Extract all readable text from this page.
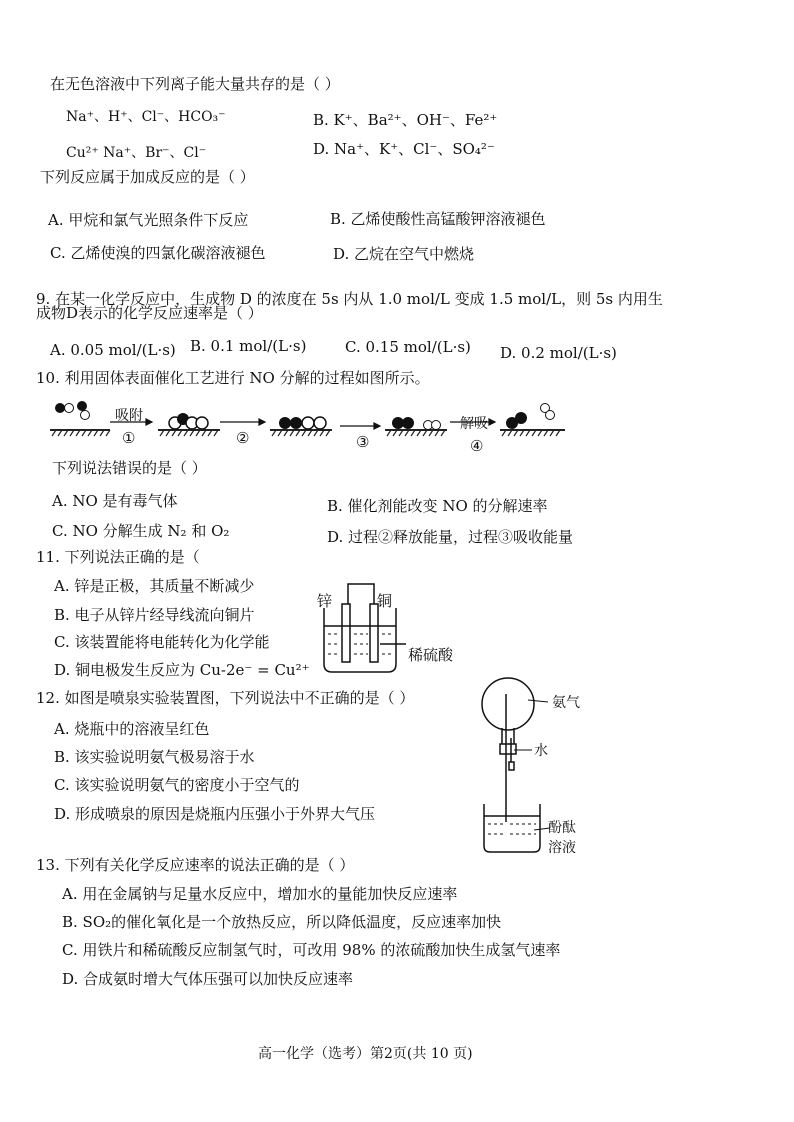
在无色溶液中下列离子能大量共存的是（ ）
Na⁺、H⁺、Cl⁻、HCO₃⁻	B. K⁺、Ba²⁺、OH⁻、Fe²⁺
Cu²⁺ Na⁺、Br⁻、Cl⁻	D. Na⁺、K⁺、Cl⁻、SO₄²⁻
下列反应属于加成反应的是（ ）
A. 甲烷和氯气光照条件下反应	B. 乙烯使酸性高锰酸钾溶液褪色
C. 乙烯使溴的四氯化碳溶液褪色	D. 乙烷在空气中燃烧
9. 在某一化学反应中，生成物 D 的浓度在 5s 内从 1.0 mol/L 变成 1.5 mol/L，则 5s 内用生
成物D表示的化学反应速率是（ ）
A. 0.05 mol/(L·s) B. 0.1 mol/(L·s)	C. 0.15 mol/(L·s) D. 0.2 mol/(L·s)
10. 利用固体表面催化工艺进行 NO 分解的过程如图所示。
吸附
①	②	③
解吸
④
下列说法错误的是（ ）
A. NO 是有毒气体	B. 催化剂能改变 NO 的分解速率
C. NO 分解生成 N₂ 和 O₂	D. 过程②释放能量，过程③吸收能量
11. 下列说法正确的是（
A. 锌是正极，其质量不断减少
B. 电子从锌片经导线流向铜片
C. 该装置能将电能转化为化学能
D. 铜电极发生反应为 Cu-2e⁻ = Cu²⁺
锌	铜
稀硫酸
12. 如图是喷泉实验装置图，下列说法中不正确的是（ ）
A. 烧瓶中的溶液呈红色
B. 该实验说明氨气极易溶于水
C. 该实验说明氨气的密度小于空气的
D. 形成喷泉的原因是烧瓶内压强小于外界大气压
氨气
水
酚酞
溶液
13. 下列有关化学反应速率的说法正确的是（ ）
A. 用在金属钠与足量水反应中，增加水的量能加快反应速率
B. SO₂的催化氧化是一个放热反应，所以降低温度，反应速率加快
C. 用铁片和稀硫酸反应制氢气时，可改用 98% 的浓硫酸加快生成氢气速率
D. 合成氨时增大气体压强可以加快反应速率
高一化学（选考）第2页(共 10 页)
